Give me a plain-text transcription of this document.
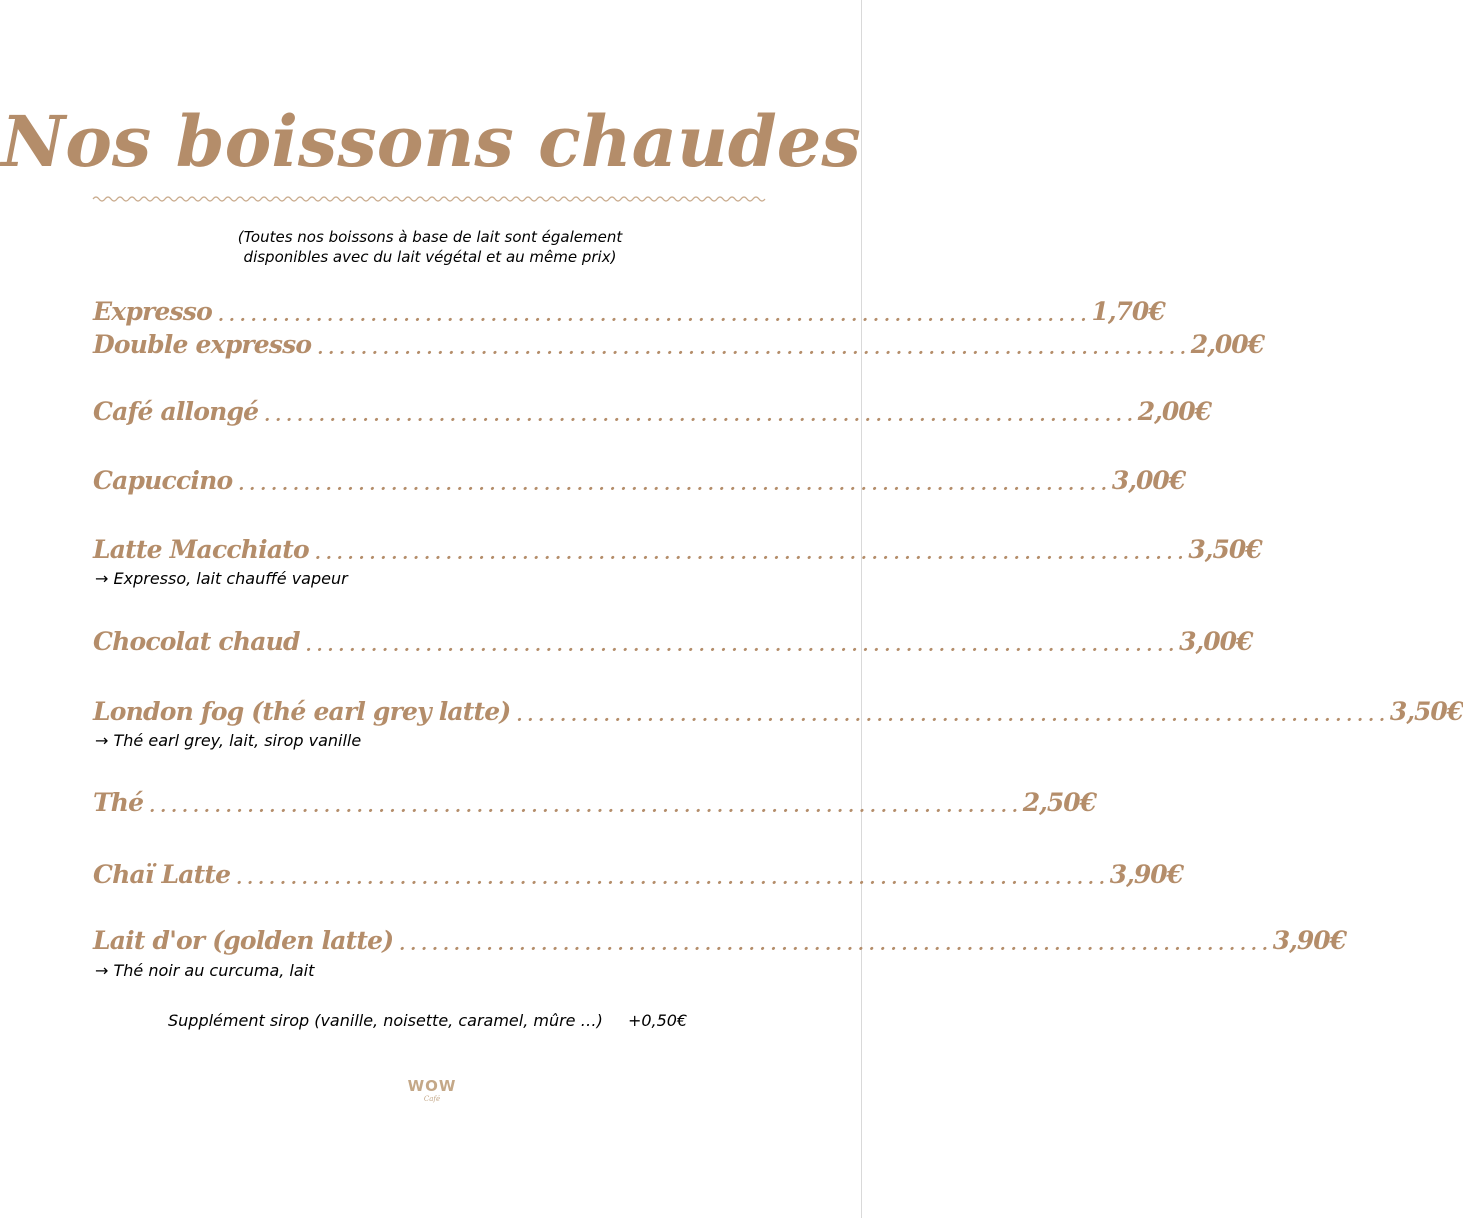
Nos boissons chaudes

(Toutes nos boissons à base de lait sont également
disponibles avec du lait végétal et au même prix)

Expresso ................................................................................ 1,70€
Double expresso ................................................................................ 2,00€
Café allongé ................................................................................ 2,00€
Capuccino ................................................................................ 3,00€
Latte Macchiato ................................................................................ 3,50€
→ Expresso, lait chauffé vapeur
Chocolat chaud ................................................................................ 3,00€
London fog (thé earl grey latte) ................................................................................ 3,50€
→ Thé earl grey, lait, sirop vanille
Thé ................................................................................ 2,50€
Chaï Latte ................................................................................ 3,90€
Lait d'or (golden latte) ................................................................................ 3,90€
→ Thé noir au curcuma, lait
Supplément sirop (vanille, noisette, caramel, mûre …) +0,50€
WOW
Café
